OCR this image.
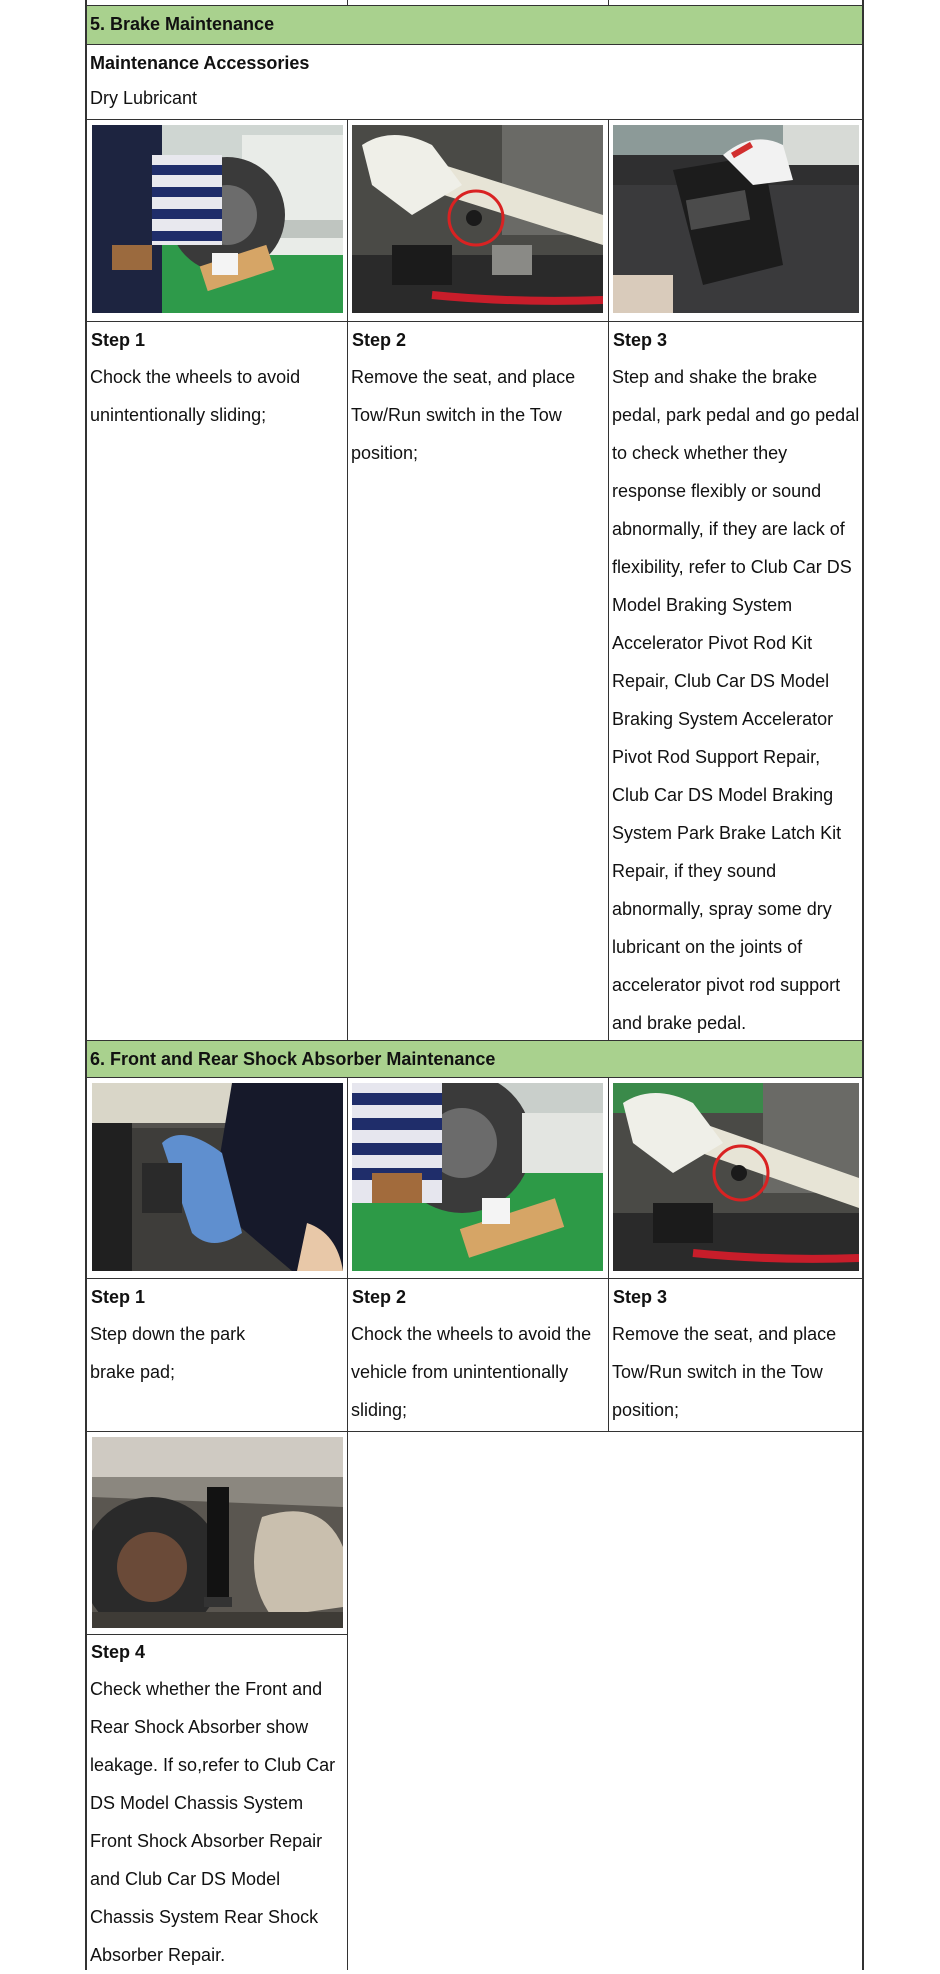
5. Brake Maintenance
Maintenance Accessories
Dry Lubricant
6. Front and Rear Shock Absorber Maintenance
Step 1
Chock the wheels to avoid unintentionally sliding;
Step 2
Remove the seat, and place Tow/Run switch in the Tow position;
Step 3
Step and shake the brake pedal, park pedal and go pedal to check whether they response flexibly or sound abnormally, if they are lack of flexibility, refer to Club Car DS Model Braking System Accelerator Pivot Rod Kit Repair, Club Car DS Model Braking System Accelerator Pivot Rod Support Repair, Club Car DS Model Braking System Park Brake Latch Kit Repair, if they sound abnormally, spray some dry lubricant on the joints of accelerator pivot rod support and brake pedal.
Step 1
Step down the park brake pad;
Step 2
Chock the wheels to avoid the vehicle from unintentionally sliding;
Step 3
Remove the seat, and place Tow/Run switch in the Tow position;
Step 4
Check whether the Front and Rear Shock Absorber show leakage. If so,refer to Club Car DS Model Chassis System Front Shock Absorber Repair and Club Car DS Model Chassis System Rear Shock Absorber Repair.
